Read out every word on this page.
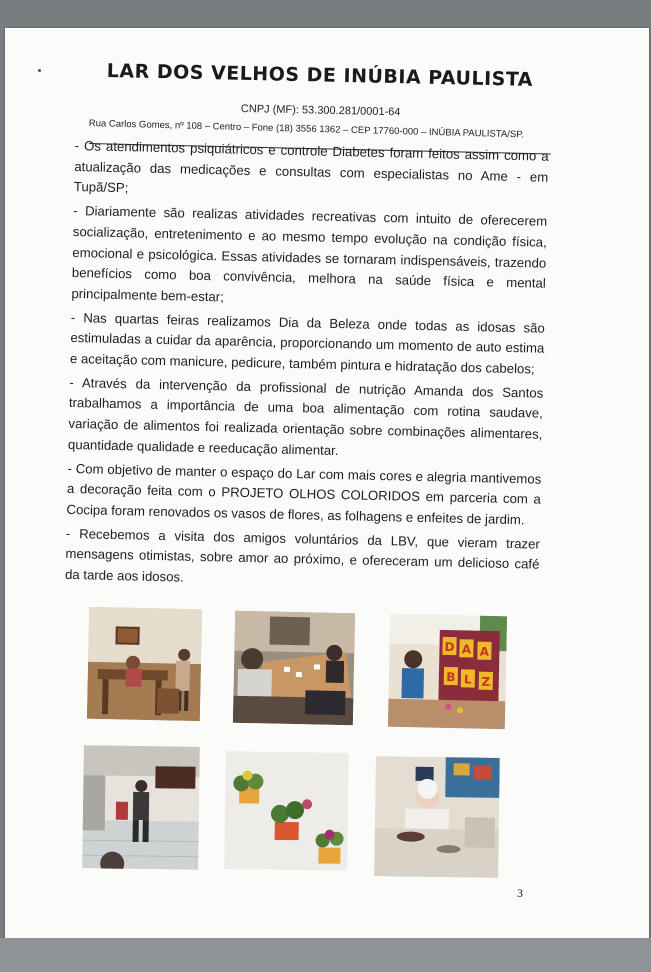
LAR DOS VELHOS DE INÚBIA PAULISTA
CNPJ (MF): 53.300.281/0001-64
Rua Carlos Gomes, nº 108 – Centro – Fone (18) 3556 1362 – CEP 17760-000 – INÚBIA PAULISTA/SP.

- Os atendimentos psiquiátricos e controle Diabetes foram feitos assim como a atualização das medicações e consultas com especialistas no Ame - em Tupã/SP;

- Diariamente são realizas atividades recreativas com intuito de oferecerem socialização, entretenimento e ao mesmo tempo evolução na condição física, emocional e psicológica. Essas atividades se tornaram indispensáveis, trazendo benefícios como boa convivência, melhora na saúde física e mental principalmente bem-estar;

- Nas quartas feiras realizamos Dia da Beleza onde todas as idosas são estimuladas a cuidar da aparência, proporcionando um momento de auto estima e aceitação com manicure, pedicure, também pintura e hidratação dos cabelos;

- Através da intervenção da profissional de nutrição Amanda dos Santos trabalhamos a importância de uma boa alimentação com rotina saudave, variação de alimentos foi realizada orientação sobre combinações alimentares, quantidade qualidade e reeducação alimentar.

- Com objetivo de manter o espaço do Lar com mais cores e alegria mantivemos a decoração feita com o PROJETO OLHOS COLORIDOS em parceria com a Cocipa foram renovados os vasos de flores, as folhagens e enfeites de jardim.

- Recebemos a visita dos amigos voluntários da LBV, que vieram trazer mensagens otimistas, sobre amor ao próximo, e ofereceram um delicioso café da tarde aos idosos.

D A A
B L Z
3
